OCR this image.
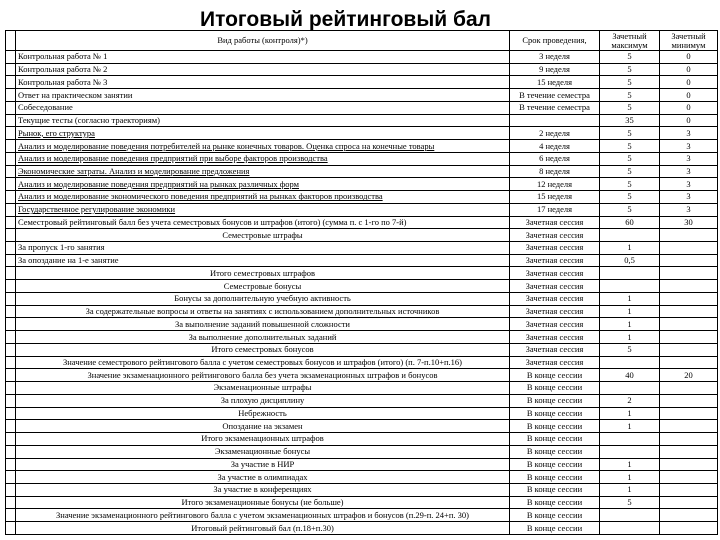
Итоговый рейтинговый бал
	Вид работы (контроля)*)	Срок проведения,	Зачетный максимум	Зачетный минимум
	Контрольная работа № 1	3 неделя	5	0
	Контрольная работа № 2	9 неделя	5	0
	Контрольная работа № 3	15 неделя	5	0
	Ответ на практическом занятии	В течение семестра	5	0
	Собеседование	В течение семестра	5	0
	Текущие тесты (согласно траекториям)		35	0
	Рынок, его структура	2 неделя	5	3
	Анализ и моделирование поведения потребителей на рынке конечных товаров. Оценка спроса на конечные товары	4 неделя	5	3
	Анализ и моделирование поведения предприятий при выборе факторов производства	6 неделя	5	3
	Экономические затраты. Анализ и моделирование предложения	8 неделя	5	3
	Анализ и моделирование поведения предприятий на рынках различных форм	12 неделя	5	3
	Анализ и моделирование экономического поведения предприятий на рынках факторов производства	15 неделя	5	3
	Государственное регулирование экономики	17 неделя	5	3
	Семестровый рейтинговый балл без учета семестровых бонусов и штрафов (итого) (сумма п. с 1-го по 7-й)	Зачетная сессия	60	30
	Семестровые штрафы	Зачетная сессия		
	За пропуск 1-го занятия	Зачетная сессия	1	
	За опоздание на 1-е занятие	Зачетная сессия	0,5	
	Итого семестровых штрафов	Зачетная сессия		
	Семестровые бонусы	Зачетная сессия		
	Бонусы за дополнительную учебную активность	Зачетная сессия	1	
	За содержательные вопросы и ответы на занятиях с использованием дополнительных источников	Зачетная сессия	1	
	За выполнение заданий повышенной сложности	Зачетная сессия	1	
	За выполнение дополнительных заданий	Зачетная сессия	1	
	Итого семестровых бонусов	Зачетная сессия	5	
	Значение семестрового рейтингового балла с учетом семестровых бонусов и штрафов (итого) (п. 7-п.10+п.16)	Зачетная сессия		
	Значение экзаменационного рейтингового балла без учета экзаменационных штрафов и бонусов	В конце сессии	40	20
	Экзаменационные штрафы	В конце сессии		
	За плохую дисциплину	В конце сессии	2	
	Небрежность	В конце сессии	1	
	Опоздание на экзамен	В конце сессии	1	
	Итого экзаменационных штрафов	В конце сессии		
	Экзаменационные бонусы	В конце сессии		
	За участие в НИР	В конце сессии	1	
	За участие в олимпиадах	В конце сессии	1	
	За участие в конференциях	В конце сессии	1	
	Итого экзаменационные бонусы (не больше)	В конце сессии	5	
	Значение экзаменационного рейтингового балла с учетом экзаменационных штрафов и бонусов (п.29-п. 24+п. 30)	В конце сессии		
	Итоговый рейтинговый бал (п.18+п.30)	В конце сессии		
